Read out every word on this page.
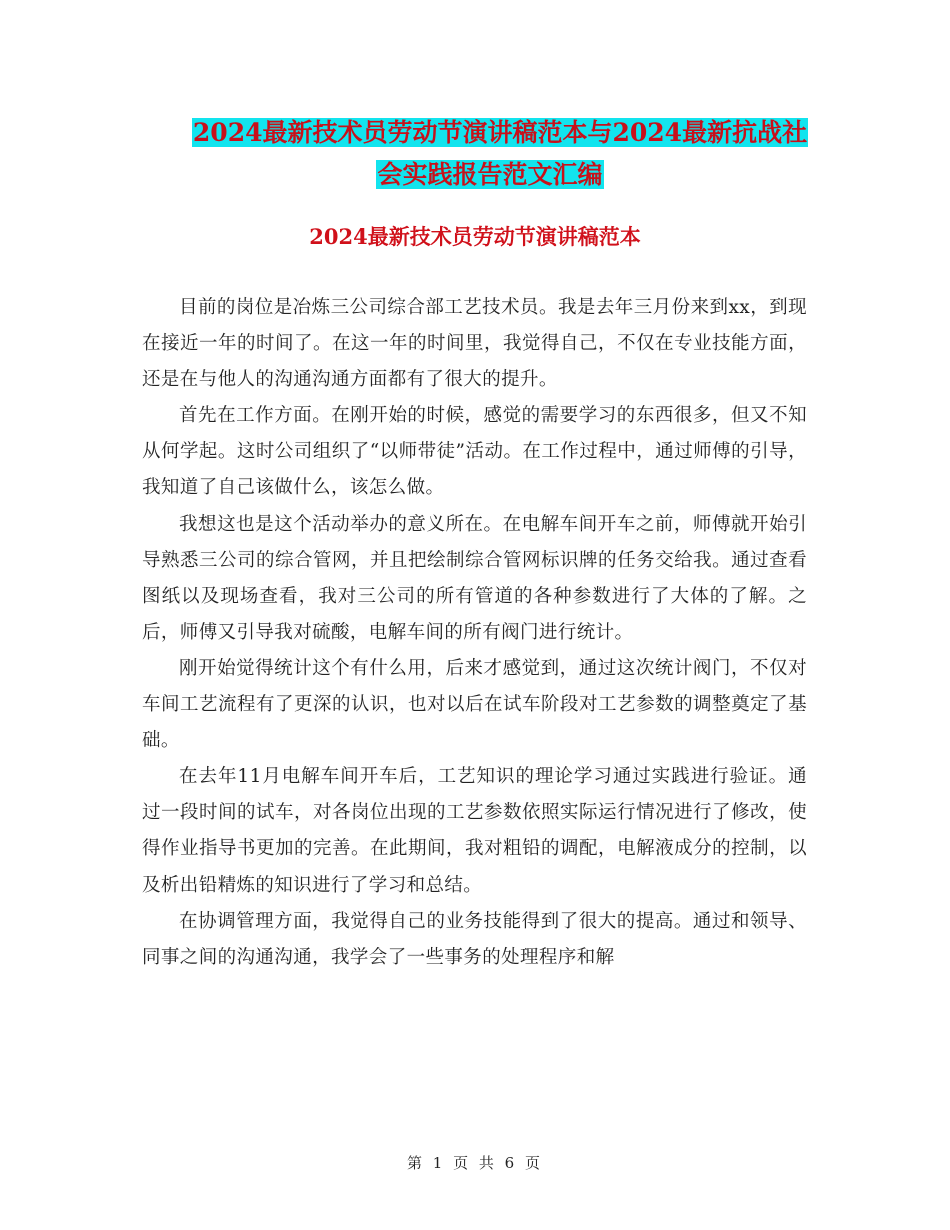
2024最新技术员劳动节演讲稿范本与2024最新抗战社
会实践报告范文汇编
2024最新技术员劳动节演讲稿范本

目前的岗位是冶炼三公司综合部工艺技术员。我是去年三月份来到xx，到现在接近一年的时间了。在这一年的时间里，我觉得自己，不仅在专业技能方面，还是在与他人的沟通沟通方面都有了很大的提升。

首先在工作方面。在刚开始的时候，感觉的需要学习的东西很多，但又不知从何学起。这时公司组织了“以师带徒”活动。在工作过程中，通过师傅的引导，我知道了自己该做什么，该怎么做。

我想这也是这个活动举办的意义所在。在电解车间开车之前，师傅就开始引导熟悉三公司的综合管网，并且把绘制综合管网标识牌的任务交给我。通过查看图纸以及现场查看，我对三公司的所有管道的各种参数进行了大体的了解。之后，师傅又引导我对硫酸，电解车间的所有阀门进行统计。

刚开始觉得统计这个有什么用，后来才感觉到，通过这次统计阀门，不仅对车间工艺流程有了更深的认识，也对以后在试车阶段对工艺参数的调整奠定了基础。

在去年11月电解车间开车后，工艺知识的理论学习通过实践进行验证。通过一段时间的试车，对各岗位出现的工艺参数依照实际运行情况进行了修改，使得作业指导书更加的完善。在此期间，我对粗铅的调配，电解液成分的控制，以及析出铅精炼的知识进行了学习和总结。

在协调管理方面，我觉得自己的业务技能得到了很大的提高。通过和领导、同事之间的沟通沟通，我学会了一些事务的处理程序和解

第 1 页 共 6 页
